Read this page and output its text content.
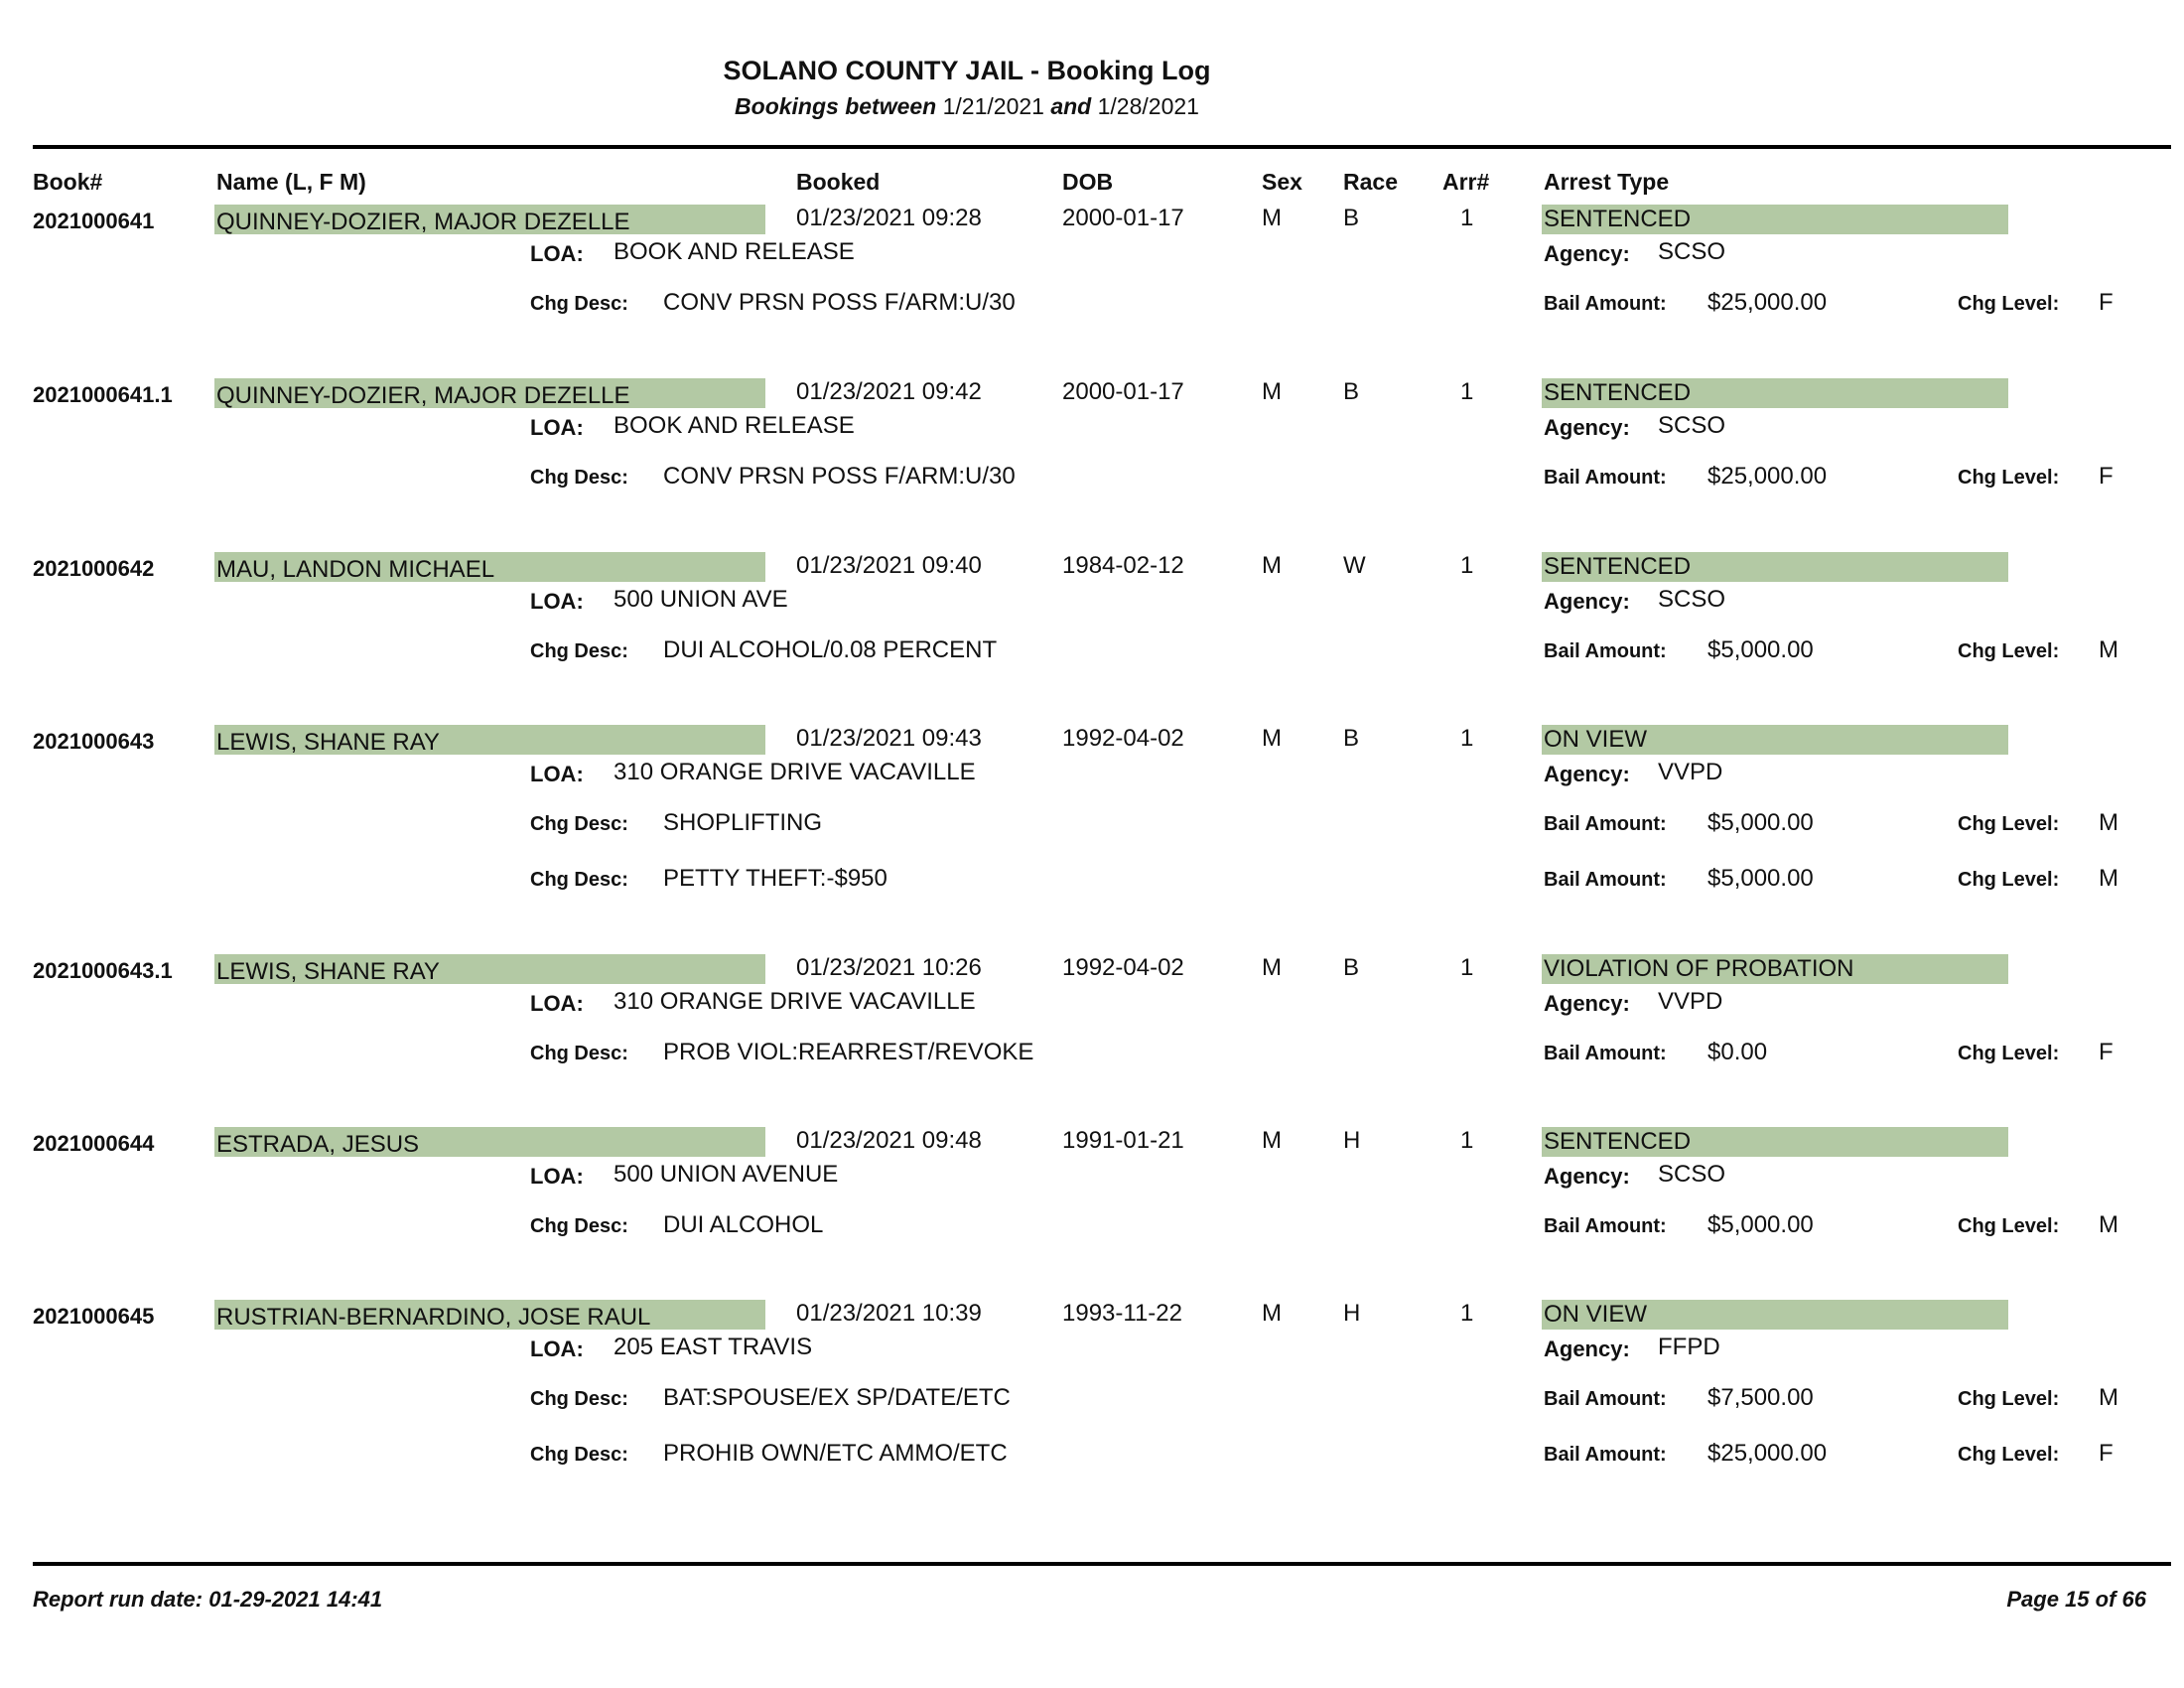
SOLANO COUNTY JAIL - Booking Log
Bookings between 1/21/2021 and 1/28/2021
Book#	Name (L, F M)	Booked	DOB	Sex Race Arr# Arrest Type
2021000641	QUINNEY-DOZIER, MAJOR DEZELLE	01/23/2021 09:28	2000-01-17	M	B	1	SENTENCED
LOA: BOOK AND RELEASE	Agency: SCSO
Chg Desc: CONV PRSN POSS F/ARM:U/30	Bail Amount: $25,000.00	Chg Level: F
2021000641.1 QUINNEY-DOZIER, MAJOR DEZELLE	01/23/2021 09:42	2000-01-17	M	B	1	SENTENCED
LOA: BOOK AND RELEASE	Agency: SCSO
Chg Desc: CONV PRSN POSS F/ARM:U/30	Bail Amount: $25,000.00	Chg Level: F
2021000642	MAU, LANDON MICHAEL	01/23/2021 09:40	1984-02-12	M	W	1	SENTENCED
LOA: 500 UNION AVE	Agency: SCSO
Chg Desc: DUI ALCOHOL/0.08 PERCENT	Bail Amount: $5,000.00	Chg Level: M
2021000643	LEWIS, SHANE RAY	01/23/2021 09:43	1992-04-02	M	B	1	ON VIEW
LOA: 310 ORANGE DRIVE VACAVILLE	Agency: VVPD
Chg Desc: SHOPLIFTING	Bail Amount: $5,000.00	Chg Level: M
Chg Desc: PETTY THEFT:-$950	Bail Amount: $5,000.00	Chg Level: M
2021000643.1 LEWIS, SHANE RAY	01/23/2021 10:26	1992-04-02	M	B	1	VIOLATION OF PROBATION
LOA: 310 ORANGE DRIVE VACAVILLE	Agency: VVPD
Chg Desc: PROB VIOL:REARREST/REVOKE	Bail Amount: $0.00	Chg Level: F
2021000644	ESTRADA, JESUS	01/23/2021 09:48	1991-01-21	M	H	1	SENTENCED
LOA: 500 UNION AVENUE	Agency: SCSO
Chg Desc: DUI ALCOHOL	Bail Amount: $5,000.00	Chg Level: M
2021000645	RUSTRIAN-BERNARDINO, JOSE RAUL	01/23/2021 10:39	1993-11-22	M	H	1	ON VIEW
LOA: 205 EAST TRAVIS	Agency: FFPD
Chg Desc: BAT:SPOUSE/EX SP/DATE/ETC	Bail Amount: $7,500.00	Chg Level: M
Chg Desc: PROHIB OWN/ETC AMMO/ETC	Bail Amount: $25,000.00	Chg Level: F
Report run date: 01-29-2021 14:41	Page 15 of 66
